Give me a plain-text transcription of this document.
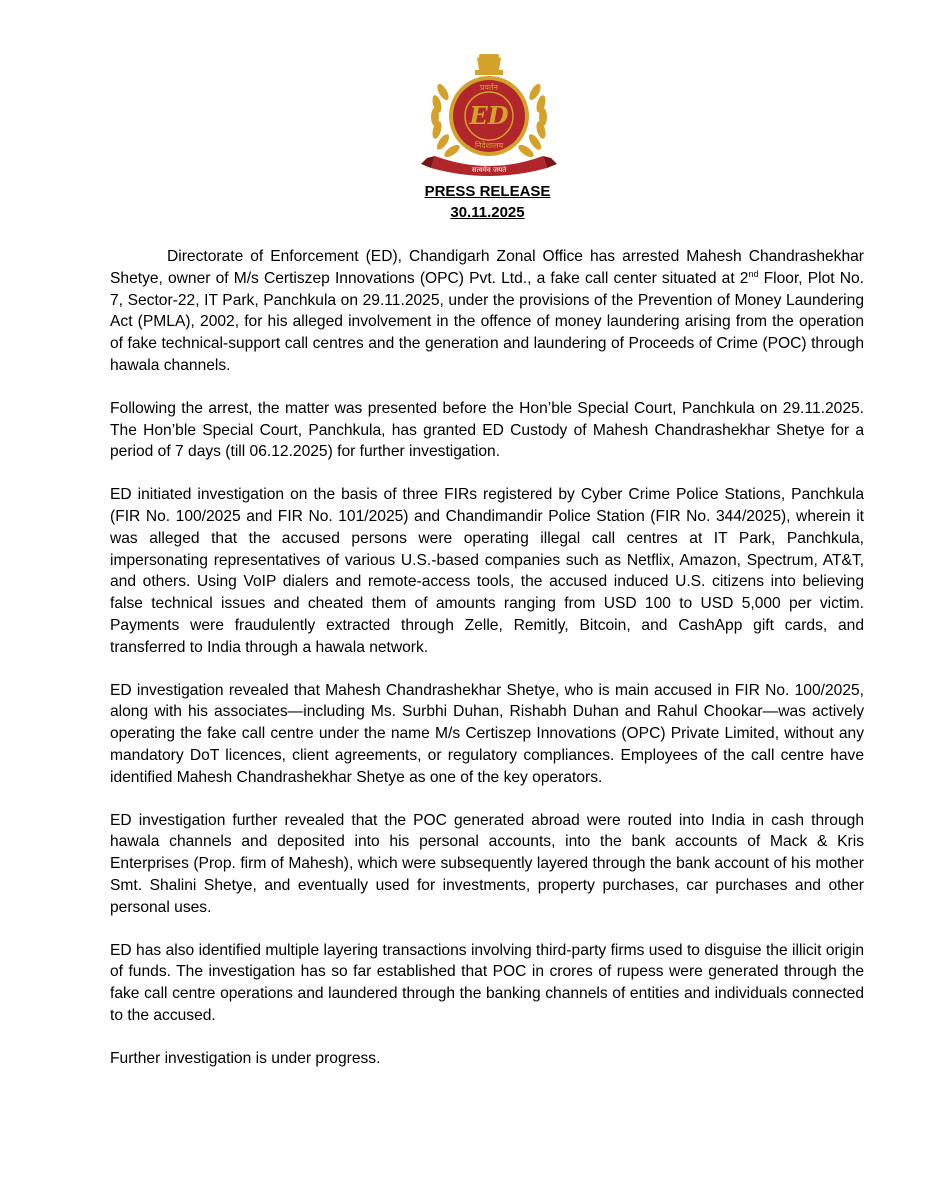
ED
प्रवर्तन
निदेशालय
सत्यमेव जयते
PRESS RELEASE
30.11.2025

Directorate of Enforcement (ED), Chandigarh Zonal Office has arrested Mahesh Chandrashekhar Shetye, owner of M/s Certiszep Innovations (OPC) Pvt. Ltd., a fake call center situated at 2nd Floor, Plot No. 7, Sector-22, IT Park, Panchkula on 29.11.2025, under the provisions of the Prevention of Money Laundering Act (PMLA), 2002, for his alleged involvement in the offence of money laundering arising from the operation of fake technical-support call centres and the generation and laundering of Proceeds of Crime (POC) through hawala channels.

Following the arrest, the matter was presented before the Hon’ble Special Court, Panchkula on 29.11.2025. The Hon’ble Special Court, Panchkula, has granted ED Custody of Mahesh Chandrashekhar Shetye for a period of 7 days (till 06.12.2025) for further investigation.

ED initiated investigation on the basis of three FIRs registered by Cyber Crime Police Stations, Panchkula (FIR No. 100/2025 and FIR No. 101/2025) and Chandimandir Police Station (FIR No. 344/2025), wherein it was alleged that the accused persons were operating illegal call centres at IT Park, Panchkula, impersonating representatives of various U.S.-based companies such as Netflix, Amazon, Spectrum, AT&T, and others. Using VoIP dialers and remote-access tools, the accused induced U.S. citizens into believing false technical issues and cheated them of amounts ranging from USD 100 to USD 5,000 per victim. Payments were fraudulently extracted through Zelle, Remitly, Bitcoin, and CashApp gift cards, and transferred to India through a hawala network.

ED investigation revealed that Mahesh Chandrashekhar Shetye, who is main accused in FIR No. 100/2025, along with his associates—including Ms. Surbhi Duhan, Rishabh Duhan and Rahul Chookar—was actively operating the fake call centre under the name M/s Certiszep Innovations (OPC) Private Limited, without any mandatory DoT licences, client agreements, or regulatory compliances. Employees of the call centre have identified Mahesh Chandrashekhar Shetye as one of the key operators.

ED investigation further revealed that the POC generated abroad were routed into India in cash through hawala channels and deposited into his personal accounts, into the bank accounts of Mack & Kris Enterprises (Prop. firm of Mahesh), which were subsequently layered through the bank account of his mother Smt. Shalini Shetye, and eventually used for investments, property purchases, car purchases and other personal uses.

ED has also identified multiple layering transactions involving third-party firms used to disguise the illicit origin of funds. The investigation has so far established that POC in crores of rupess were generated through the fake call centre operations and laundered through the banking channels of entities and individuals connected to the accused.

Further investigation is under progress.
